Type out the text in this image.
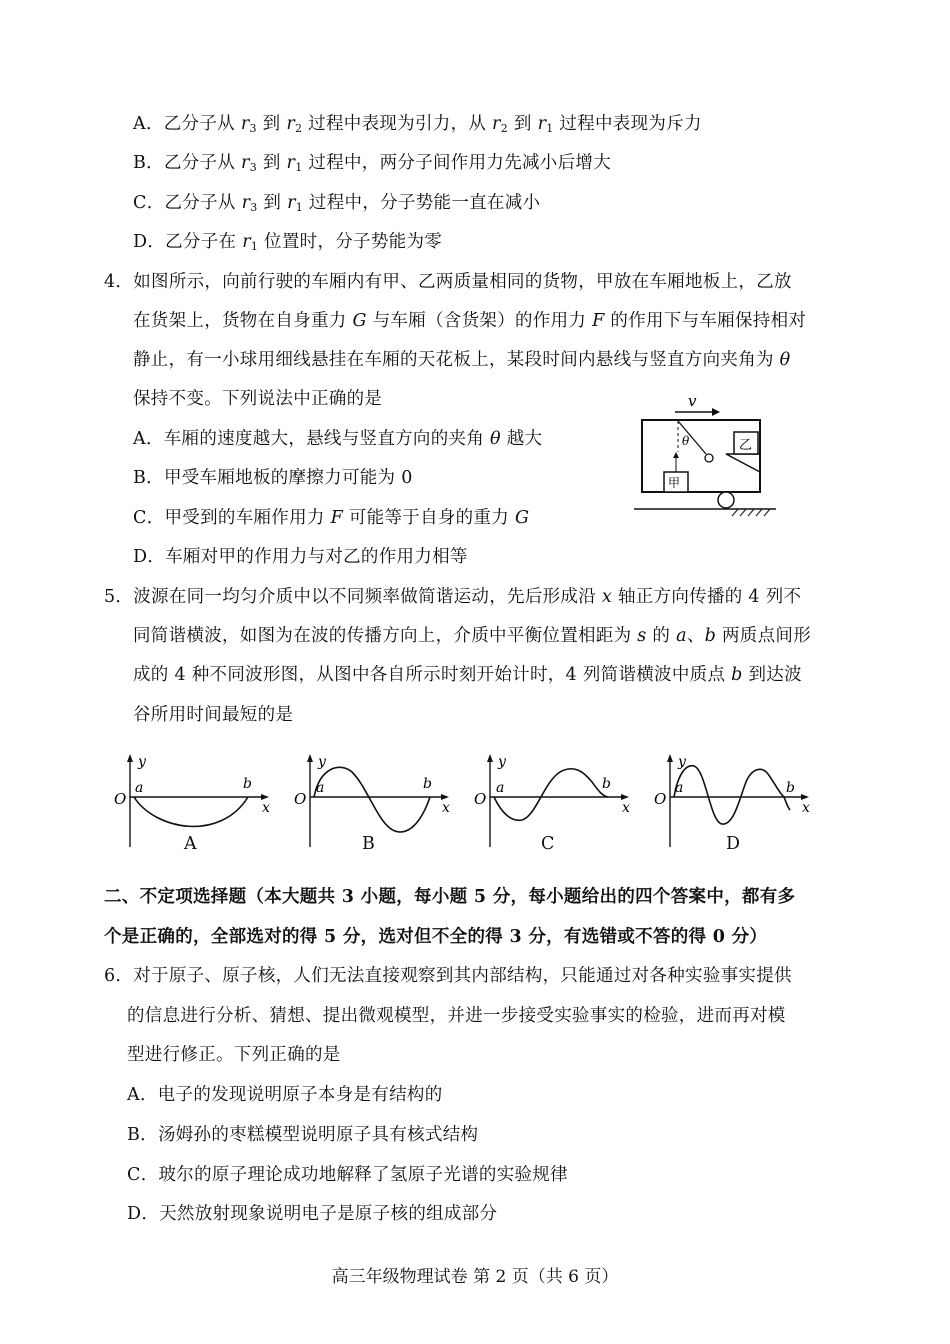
A．乙分子从 $r_3$ 到 $r_2$ 过程中表现为引力，从 $r_2$ 到 $r_1$ 过程中表现为斥力
B．乙分子从 $r_3$ 到 $r_1$ 过程中，两分子间作用力先减小后增大
C．乙分子从 $r_3$ 到 $r_1$ 过程中，分子势能一直在减小
D．乙分子在 $r_1$ 位置时，分子势能为零
4．如图所示，向前行驶的车厢内有甲、乙两质量相同的货物，甲放在车厢地板上，乙放
在货架上，货物在自身重力 G 与车厢（含货架）的作用力 F 的作用下与车厢保持相对
静止，有一小球用细线悬挂在车厢的天花板上，某段时间内悬线与竖直方向夹角为 θ
保持不变。下列说法中正确的是
A．车厢的速度越大，悬线与竖直方向的夹角 θ 越大
B．甲受车厢地板的摩擦力可能为 0
C．甲受到的车厢作用力 F 可能等于自身的重力 G
D．车厢对甲的作用力与对乙的作用力相等
v
θ	乙
甲
5．波源在同一均匀介质中以不同频率做简谐运动，先后形成沿 x 轴正方向传播的 4 列不
同简谐横波，如图为在波的传播方向上，介质中平衡位置相距为 s 的 a、b 两质点间形
成的 4 种不同波形图，从图中各自所示时刻开始计时，4 列简谐横波中质点 b 到达波
谷所用时间最短的是
y
O
a	b
x
A
y
O
a	b
x
B
y
O
a	b
x
C
y
O
a	b
x
D
二、不定项选择题（本大题共 3 小题，每小题 5 分，每小题给出的四个答案中，都有多
个是正确的，全部选对的得 5 分，选对但不全的得 3 分，有选错或不答的得 0 分）
6．对于原子、原子核，人们无法直接观察到其内部结构，只能通过对各种实验事实提供
的信息进行分析、猜想、提出微观模型，并进一步接受实验事实的检验，进而再对模
型进行修正。下列正确的是
A．电子的发现说明原子本身是有结构的
B．汤姆孙的枣糕模型说明原子具有核式结构
C．玻尔的原子理论成功地解释了氢原子光谱的实验规律
D．天然放射现象说明电子是原子核的组成部分
高三年级物理试卷 第 2 页（共 6 页）
